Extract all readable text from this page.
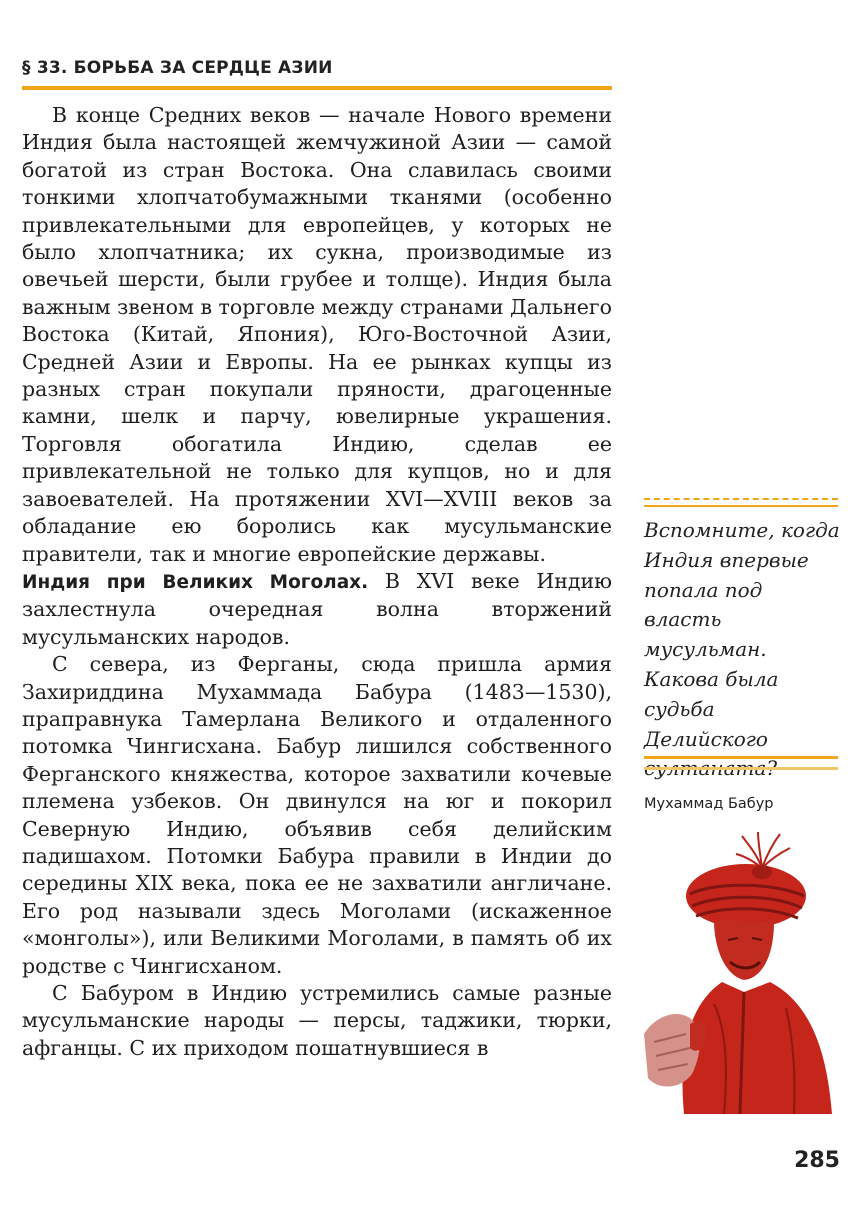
§ 33. БОРЬБА ЗА СЕРДЦЕ АЗИИ

В конце Средних веков — начале Нового времени Индия была настоящей жемчужиной Азии — самой богатой из стран Востока. Она славилась своими тонкими хлопчатобумажными тканями (особенно привлекательными для европейцев, у которых не было хлопчатника; их сукна, производимые из овечьей шерсти, были грубее и толще). Индия была важным звеном в торговле между странами Дальнего Востока (Китай, Япония), Юго-Восточной Азии, Средней Азии и Европы. На ее рынках купцы из разных стран покупали пряности, драгоценные камни, шелк и парчу, ювелирные украшения. Торговля обогатила Индию, сделав ее привлекательной не только для купцов, но и для завоевателей. На протяжении XVI—XVIII веков за обладание ею боролись как мусульманские правители, так и многие европейские державы.

Индия при Великих Моголах. В XVI веке Индию захлестнула очередная волна вторжений мусульманских народов.

С севера, из Ферганы, сюда пришла армия Захириддина Мухаммада Бабура (1483—1530), праправнука Тамерлана Великого и отдаленного потомка Чингисхана. Бабур лишился собственного Ферганского княжества, которое захватили кочевые племена узбеков. Он двинулся на юг и покорил Северную Индию, объявив себя делийским падишахом. Потомки Бабура правили в Индии до середины XIX века, пока ее не захватили англичане. Его род называли здесь Моголами (искаженное «монголы»), или Великими Моголами, в память об их родстве с Чингисханом.

С Бабуром в Индию устремились самые разные мусульманские народы — персы, таджики, тюрки, афганцы. С их приходом пошатнувшиеся в

Вспомните, когда Индия впервые попала под власть мусульман. Какова была судьба Делийского султаната?
Мухаммад Бабур
285
